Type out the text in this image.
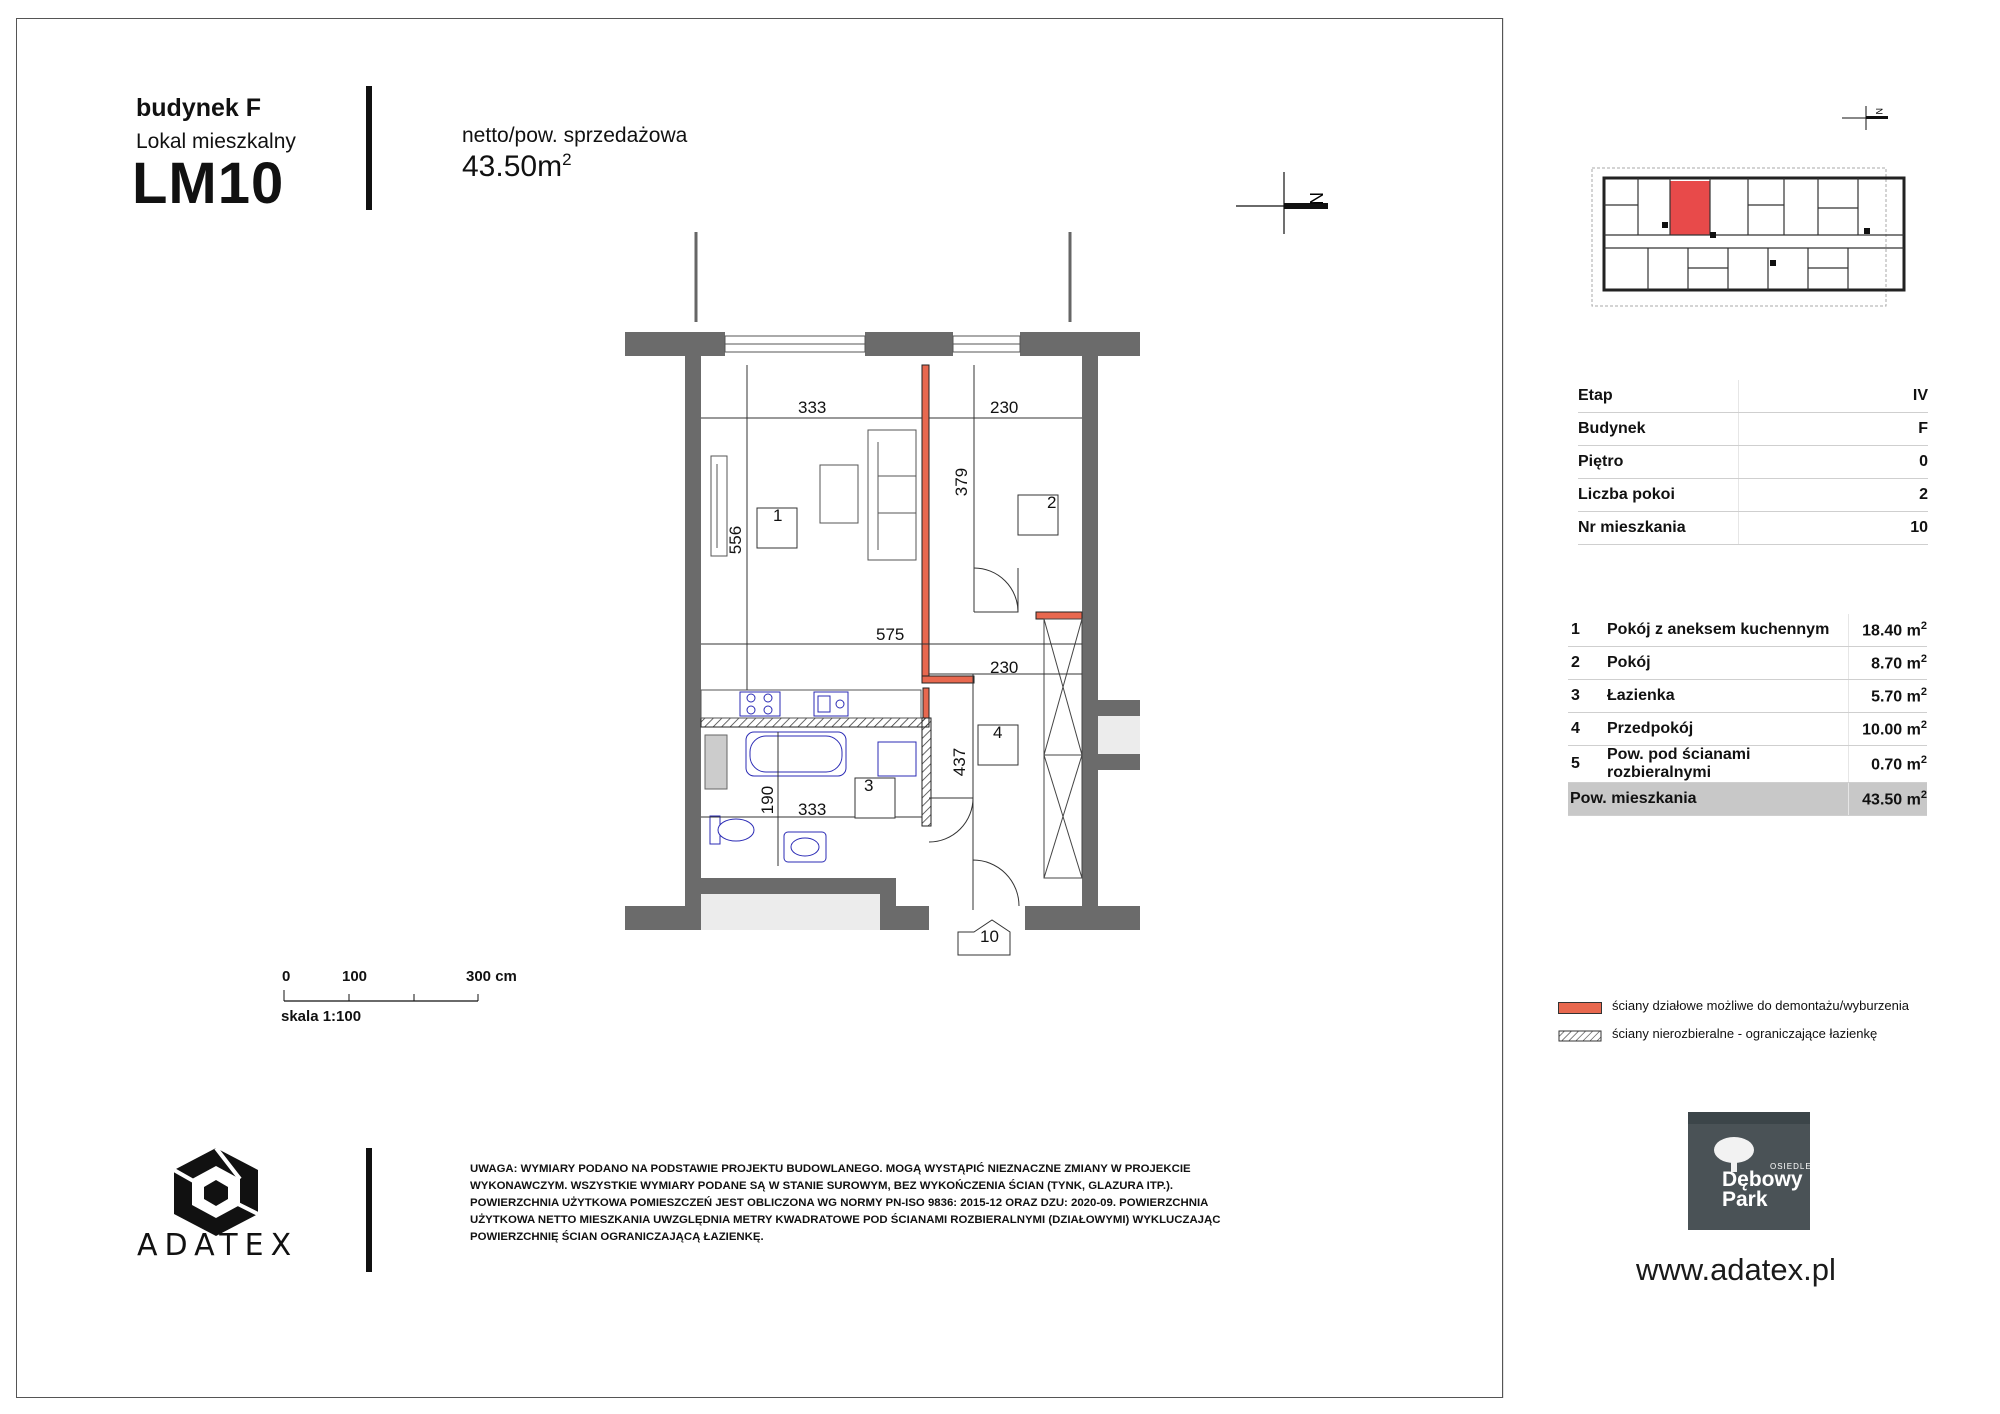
budynek F
Lokal mieszkalny
LM10
netto/pow. sprzedażowa
$43.50m^2$
N
1
2
3
4
10
333	230
379
556
575
230
437
190 333
0	100	300 cm
skala 1:100
ADATEX
UWAGA: WYMIARY PODANO NA PODSTAWIE PROJEKTU BUDOWLANEGO. MOGĄ WYSTĄPIĆ NIEZNACZNE ZMIANY W PROJEKCIE WYKONAWCZYM. WSZYSTKIE WYMIARY PODANE SĄ W STANIE SUROWYM, BEZ WYKOŃCZENIA ŚCIAN (TYNK, GLAZURA ITP.). POWIERZCHNIA UŻYTKOWA POMIESZCZEŃ JEST OBLICZONA WG NORMY PN-ISO 9836: 2015-12 ORAZ DZU: 2020-09. POWIERZCHNIA UŻYTKOWA NETTO MIESZKANIA UWZGLĘDNIA METRY KWADRATOWE POD ŚCIANAMI ROZBIERALNYMI (DZIAŁOWYMI) WYKLUCZAJĄC POWIERZCHNIĘ ŚCIAN OGRANICZAJĄCĄ ŁAZIENKĘ.
N
Etap	IV
Budynek	F
Piętro	0
Liczba pokoi	2
Nr mieszkania	10
1	Pokój z aneksem kuchennym	18.40 $m^2$
2	Pokój	8.70 $m^2$
3	Łazienka	5.70 $m^2$
4	Przedpokój	10.00 $m^2$
5	Pow. pod ścianami rozbieralnymi	0.70 $m^2$
Pow. mieszkania		43.50 $m^2$
ściany działowe możliwe do demontażu/wyburzenia
ściany nierozbieralne - ograniczające łazienkę
OSIEDLE
Dębowy
Park
www.adatex.pl
